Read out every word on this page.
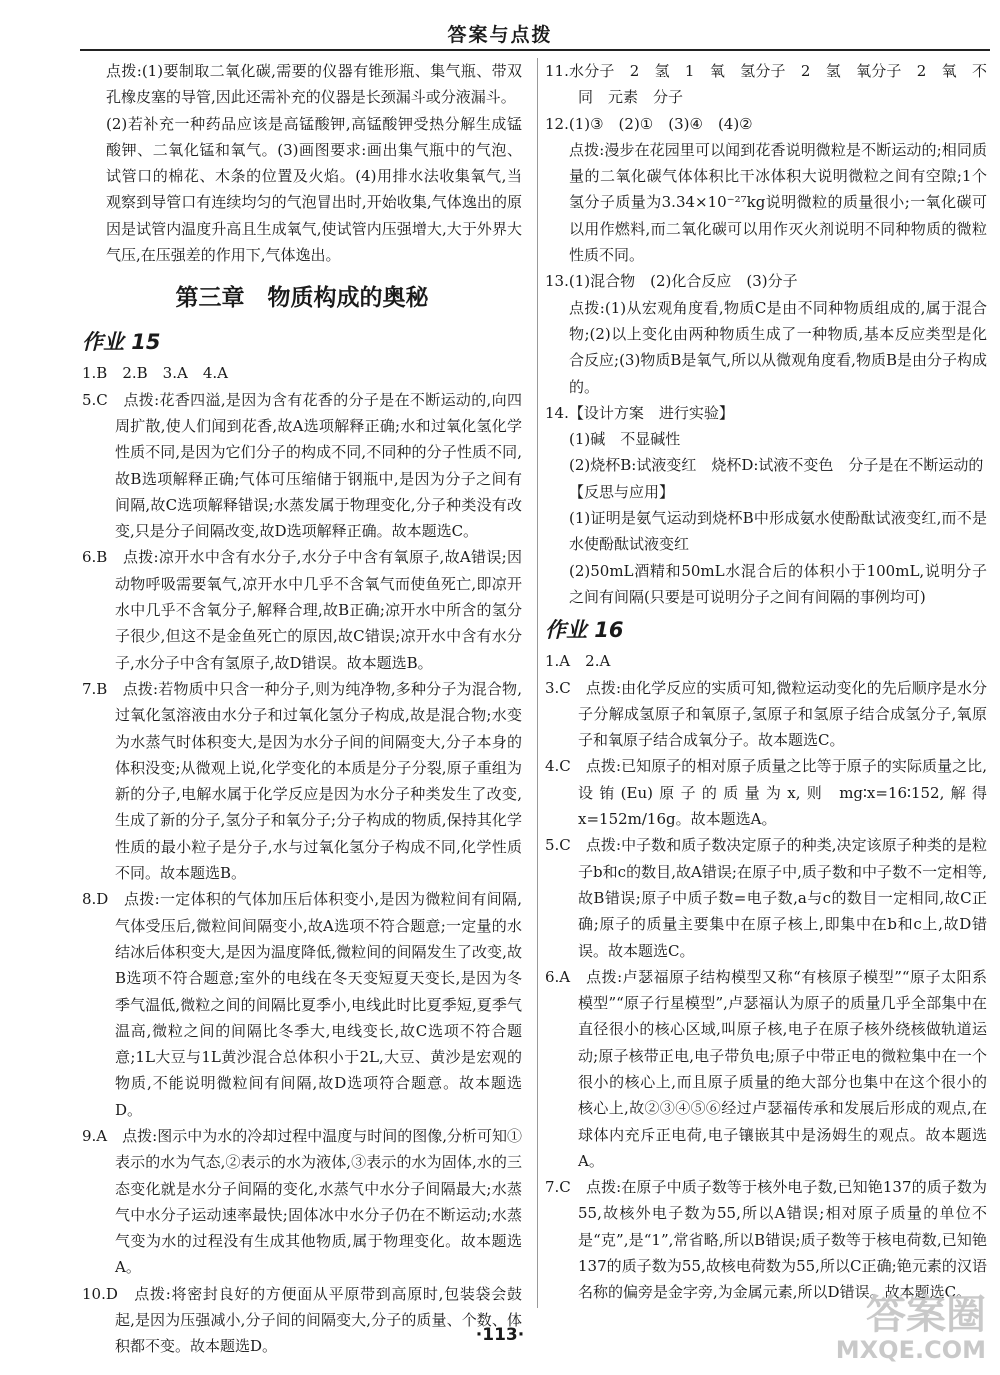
答案与点拨

点拨:(1)要制取二氧化碳,需要的仪器有锥形瓶、集气瓶、带双孔橡皮塞的导管,因此还需补充的仪器是长颈漏斗或分液漏斗。

(2)若补充一种药品应该是高锰酸钾,高锰酸钾受热分解生成锰酸钾、二氧化锰和氧气。(3)画图要求:画出集气瓶中的气泡、试管口的棉花、木条的位置及火焰。(4)用排水法收集氧气,当观察到导管口有连续均匀的气泡冒出时,开始收集,气体逸出的原因是试管内温度升高且生成氧气,使试管内压强增大,大于外界大气压,在压强差的作用下,气体逸出。

第三章　物质构成的奥秘
作业 15

1.B　2.B　3.A　4.A

5.C　点拨:花香四溢,是因为含有花香的分子是在不断运动的,向四周扩散,使人们闻到花香,故A选项解释正确;水和过氧化氢化学性质不同,是因为它们分子的构成不同,不同种的分子性质不同,故B选项解释正确;气体可压缩储于钢瓶中,是因为分子之间有间隔,故C选项解释错误;水蒸发属于物理变化,分子种类没有改变,只是分子间隔改变,故D选项解释正确。故本题选C。

6.B　点拨:凉开水中含有水分子,水分子中含有氧原子,故A错误;因动物呼吸需要氧气,凉开水中几乎不含氧气而使鱼死亡,即凉开水中几乎不含氧分子,解释合理,故B正确;凉开水中所含的氢分子很少,但这不是金鱼死亡的原因,故C错误;凉开水中含有水分子,水分子中含有氢原子,故D错误。故本题选B。

7.B　点拨:若物质中只含一种分子,则为纯净物,多种分子为混合物,过氧化氢溶液由水分子和过氧化氢分子构成,故是混合物;水变为水蒸气时体积变大,是因为水分子间的间隔变大,分子本身的体积没变;从微观上说,化学变化的本质是分子分裂,原子重组为新的分子,电解水属于化学反应是因为水分子种类发生了改变,生成了新的分子,氢分子和氧分子;分子构成的物质,保持其化学性质的最小粒子是分子,水与过氧化氢分子构成不同,化学性质不同。故本题选B。

8.D　点拨:一定体积的气体加压后体积变小,是因为微粒间有间隔,气体受压后,微粒间间隔变小,故A选项不符合题意;一定量的水结冰后体积变大,是因为温度降低,微粒间的间隔发生了改变,故B选项不符合题意;室外的电线在冬天变短夏天变长,是因为冬季气温低,微粒之间的间隔比夏季小,电线此时比夏季短,夏季气温高,微粒之间的间隔比冬季大,电线变长,故C选项不符合题意;1L大豆与1L黄沙混合总体积小于2L,大豆、黄沙是宏观的物质,不能说明微粒间有间隔,故D选项符合题意。故本题选D。

9.A　点拨:图示中为水的冷却过程中温度与时间的图像,分析可知①表示的水为气态,②表示的水为液体,③表示的水为固体,水的三态变化就是水分子间隔的变化,水蒸气中水分子间隔最大;水蒸气中水分子运动速率最快;固体冰中水分子仍在不断运动;水蒸气变为水的过程没有生成其他物质,属于物理变化。故本题选A。

10.D　点拨:将密封良好的方便面从平原带到高原时,包装袋会鼓起,是因为压强减小,分子间的间隔变大,分子的质量、个数、体积都不变。故本题选D。

11.水分子　2　氢　1　氧　氢分子　2　氢　氧分子　2　氧　不同　元素　分子

12.(1)③　(2)①　(3)④　(4)②

点拨:漫步在花园里可以闻到花香说明微粒是不断运动的;相同质量的二氧化碳气体体积比干冰体积大说明微粒之间有空隙;1个氢分子质量为3.34×10⁻²⁷kg说明微粒的质量很小;一氧化碳可以用作燃料,而二氧化碳可以用作灭火剂说明不同种物质的微粒性质不同。

13.(1)混合物　(2)化合反应　(3)分子

点拨:(1)从宏观角度看,物质C是由不同种物质组成的,属于混合物;(2)以上变化由两种物质生成了一种物质,基本反应类型是化合反应;(3)物质B是氧气,所以从微观角度看,物质B是由分子构成的。

14.【设计方案　进行实验】

(1)碱　不显碱性

(2)烧杯B:试液变红　烧杯D:试液不变色　分子是在不断运动的

【反思与应用】

(1)证明是氨气运动到烧杯B中形成氨水使酚酞试液变红,而不是水使酚酞试液变红

(2)50mL酒精和50mL水混合后的体积小于100mL,说明分子之间有间隔(只要是可说明分子之间有间隔的事例均可)

作业 16

1.A　2.A

3.C　点拨:由化学反应的实质可知,微粒运动变化的先后顺序是水分子分解成氢原子和氧原子,氢原子和氢原子结合成氢分子,氧原子和氧原子结合成氧分子。故本题选C。

4.C　点拨:已知原子的相对原子质量之比等于原子的实际质量之比,设铕(Eu)原子的质量为x,则 mg∶x=16∶152,解得 x=152m/16g。故本题选A。

5.C　点拨:中子数和质子数决定原子的种类,决定该原子种类的是粒子b和c的数目,故A错误;在原子中,质子数和中子数不一定相等,故B错误;原子中质子数=电子数,a与c的数目一定相同,故C正确;原子的质量主要集中在原子核上,即集中在b和c上,故D错误。故本题选C。

6.A　点拨:卢瑟福原子结构模型又称“有核原子模型”“原子太阳系模型”“原子行星模型”,卢瑟福认为原子的质量几乎全部集中在直径很小的核心区域,叫原子核,电子在原子核外绕核做轨道运动;原子核带正电,电子带负电;原子中带正电的微粒集中在一个很小的核心上,而且原子质量的绝大部分也集中在这个很小的核心上,故②③④⑤⑥经过卢瑟福传承和发展后形成的观点,在球体内充斥正电荷,电子镶嵌其中是汤姆生的观点。故本题选A。

7.C　点拨:在原子中质子数等于核外电子数,已知铯137的质子数为55,故核外电子数为55,所以A错误;相对原子质量的单位不是“克”,是“1”,常省略,所以B错误;质子数等于核电荷数,已知铯137的质子数为55,故核电荷数为55,所以C正确;铯元素的汉语名称的偏旁是金字旁,为金属元素,所以D错误。故本题选C。

·113·	答案圈
MXQE.COM
